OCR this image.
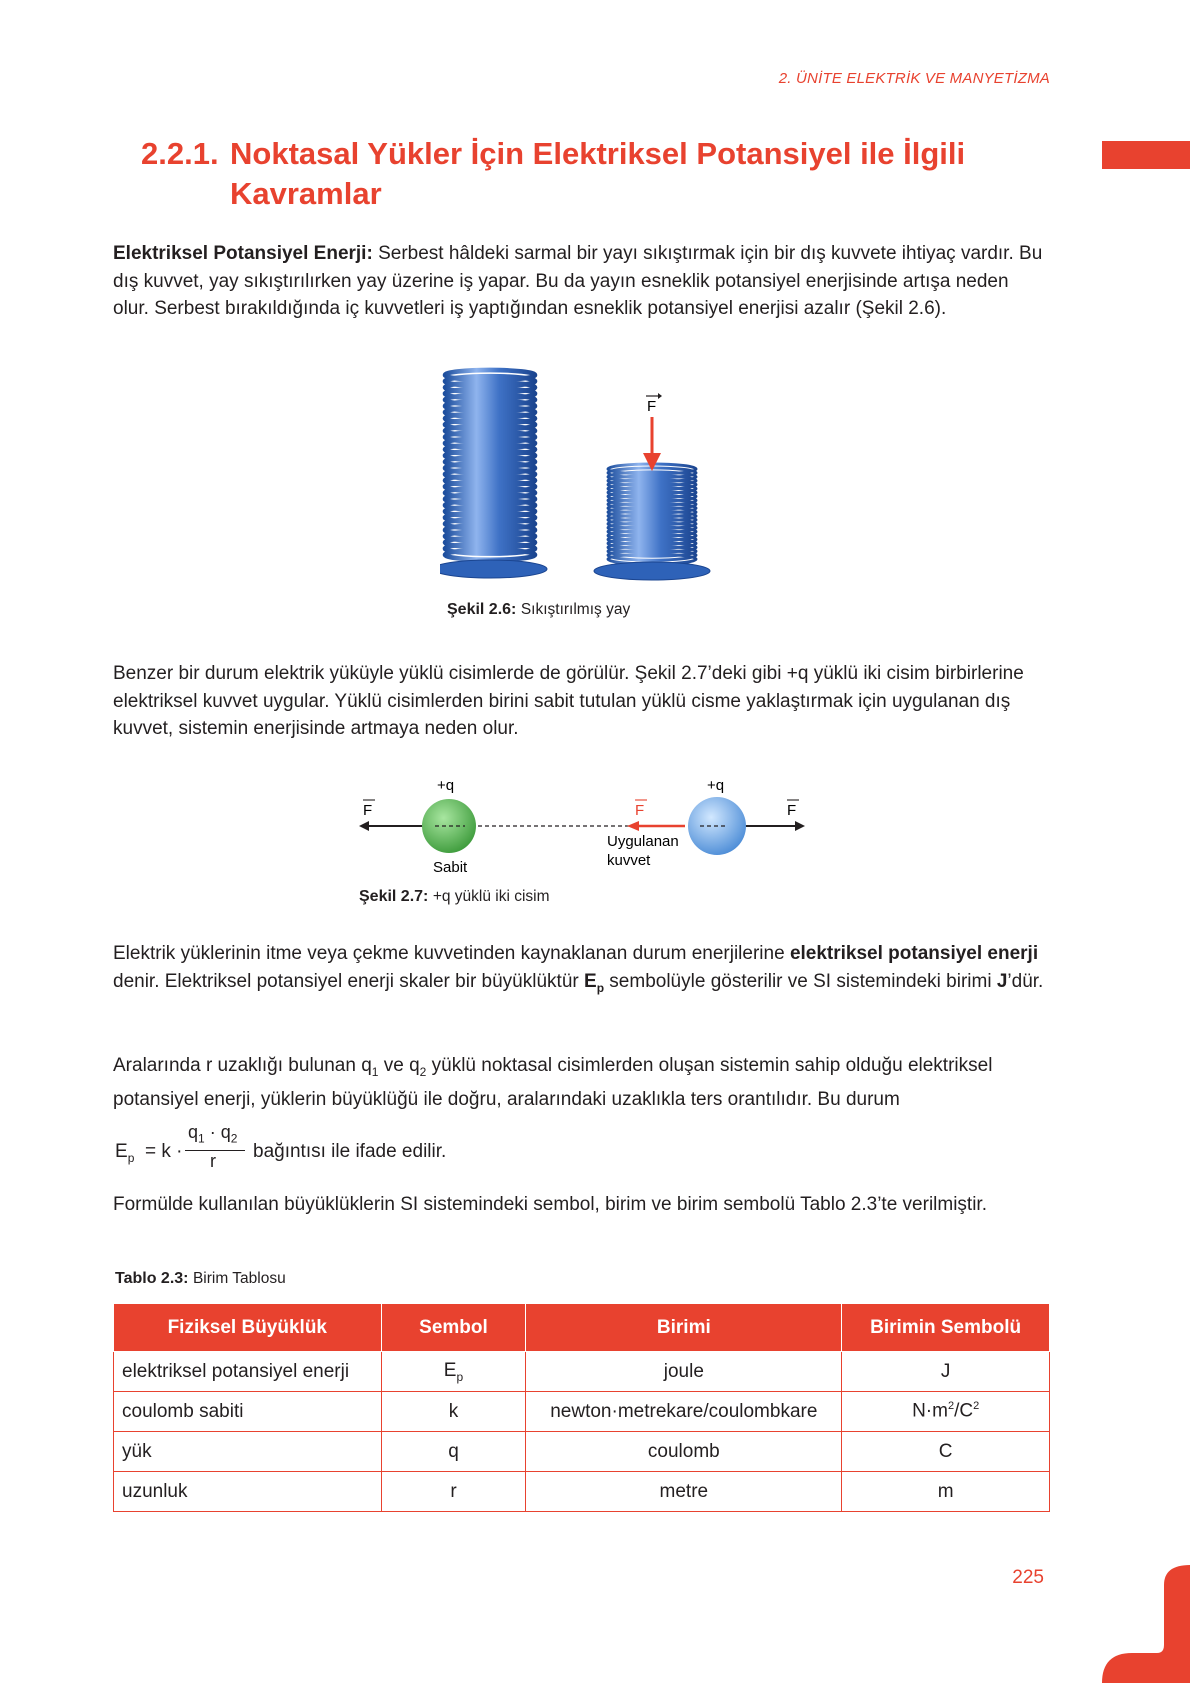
2. ÜNİTE ELEKTRİK VE MANYETİZMA
2.2.1. Noktasal Yükler İçin Elektriksel Potansiyel ile İlgili
Kavramlar
Elektriksel Potansiyel Enerji: Serbest hâldeki sarmal bir yayı sıkıştırmak için bir dış kuvvete ihtiyaç vardır. Bu dış kuvvet, yay sıkıştırılırken yay üzerine iş yapar. Bu da yayın esneklik potansiyel enerjisinde artışa neden olur. Serbest bırakıldığında iç kuvvetleri iş yaptığından esneklik potansiyel enerjisi azalır (Şekil 2.6).
F
Şekil 2.6: Sıkıştırılmış yay
Benzer bir durum elektrik yüküyle yüklü cisimlerde de görülür. Şekil 2.7’deki gibi +q yüklü iki cisim birbirlerine elektriksel kuvvet uygular. Yüklü cisimlerden birini sabit tutulan yüklü cisme yaklaştırmak için uygulanan dış kuvvet, sistemin enerjisinde artmaya neden olur.
+q	+q
F	F	F
Sabit
Uygulanan
kuvvet
Şekil 2.7: +q yüklü iki cisim
Elektrik yüklerinin itme veya çekme kuvvetinden kaynaklanan durum enerjilerine elektriksel potansiyel enerji denir. Elektriksel potansiyel enerji skaler bir büyüklüktür $E_p$ sembolüyle gösterilir ve SI sistemindeki birimi J’dür.
Aralarında r uzaklığı bulunan $q_1$ ve $q_2$ yüklü noktasal cisimlerden oluşan sistemin sahip olduğu elektriksel potansiyel enerji, yüklerin büyüklüğü ile doğru, aralarındaki uzaklıkla ters orantılıdır. Bu durum
$E_p = k$ ·
$q_1 \cdot q_2$
r bağıntısı ile ifade edilir.
Formülde kullanılan büyüklüklerin SI sistemindeki sembol, birim ve birim sembolü Tablo 2.3’te verilmiştir.
Tablo 2.3: Birim Tablosu
Fiziksel Büyüklük	Sembol	Birimi	Birimin Sembolü
elektriksel potansiyel enerji	$E_p$	joule	J
coulomb sabiti	k	newton·metrekare/coulombkare	$N\cdot m^2/C^2$
yük	q	coulomb	C
uzunluk	r	metre	m
225
